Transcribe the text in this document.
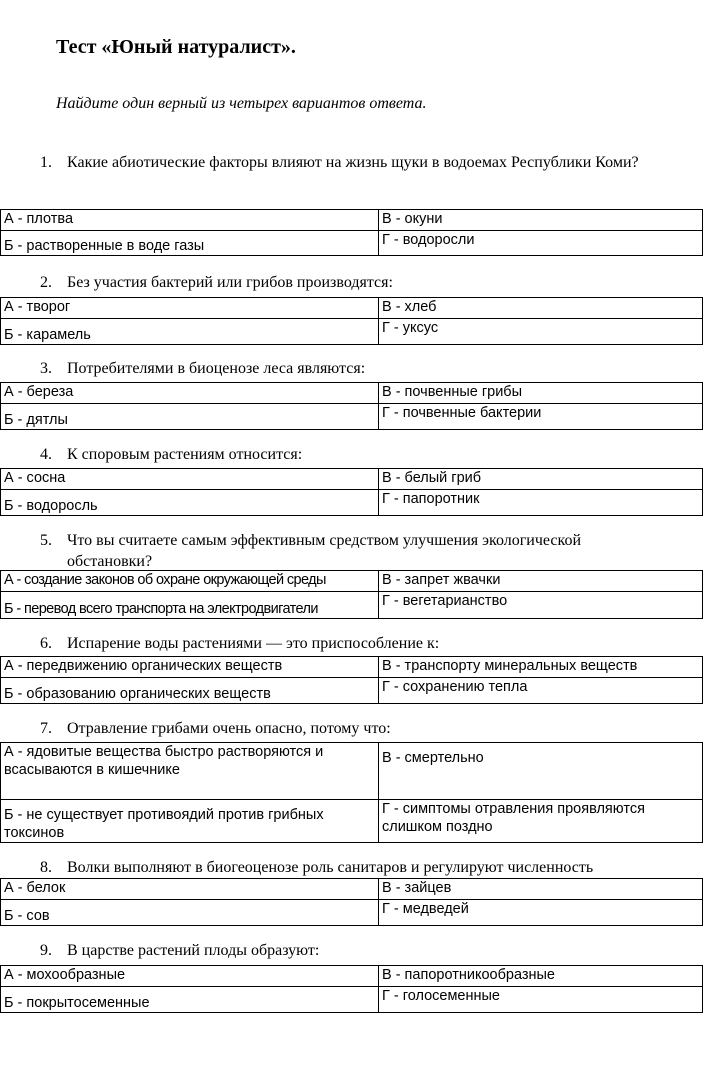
Тест «Юный натуралист».
Найдите один верный из четырех вариантов ответа.
1. Какие абиотические факторы влияют на жизнь щуки в водоемах Республики Коми?
А - плотва	В - окуни
Б - растворенные в воде газы	Г - водоросли
2. Без участия бактерий или грибов производятся:
А - творог	В - хлеб
Б - карамель	Г - уксус
3. Потребителями в биоценозе леса являются:
А - береза	В - почвенные грибы
Б - дятлы	Г - почвенные бактерии
4. К споровым растениям относится:
А - сосна	В - белый гриб
Б - водоросль	Г - папоротник
5. Что вы считаете самым эффективным средством улучшения экологической обстановки?
А - создание законов об охране окружающей среды	В - запрет жвачки
Б - перевод всего транспорта на электродвигатели	Г - вегетарианство
6. Испарение воды растениями — это приспособление к:
А - передвижению органических веществ	В - транспорту минеральных веществ
Б - образованию органических веществ	Г - сохранению тепла
7. Отравление грибами очень опасно, потому что:
А - ядовитые вещества быстро растворяются и всасываются в кишечнике	В - смертельно
Б - не существует противоядий против грибных токсинов	Г - симптомы отравления проявляются слишком поздно
8. Волки выполняют в биогеоценозе роль санитаров и регулируют численность
А - белок	В - зайцев
Б - сов	Г - медведей
9. В царстве растений плоды образуют:
А - мохообразные	В - папоротникообразные
Б - покрытосеменные	Г - голосеменные
